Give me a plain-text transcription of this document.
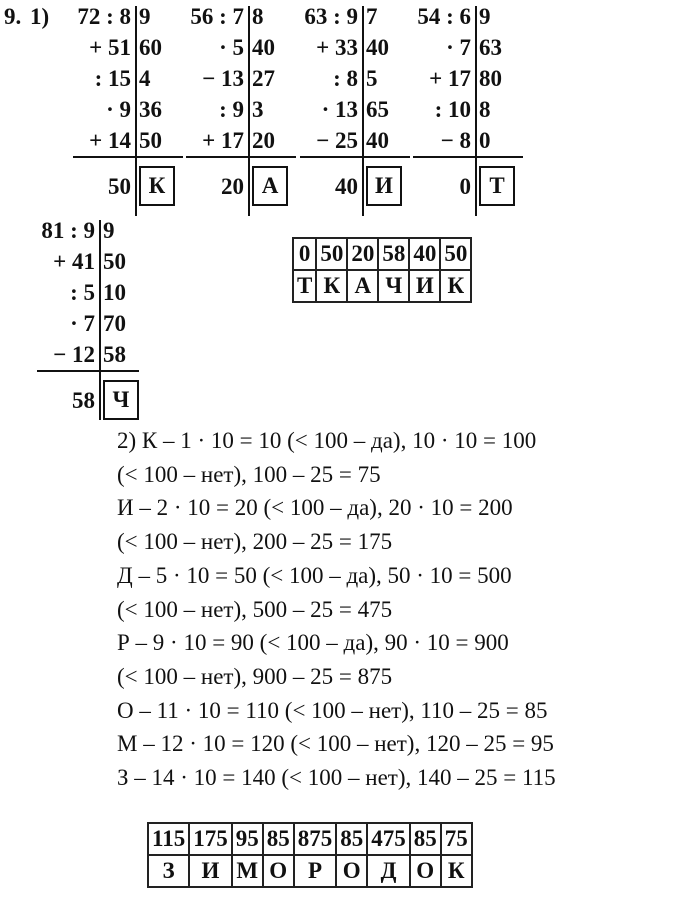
9. 1)	72 : 8 9
+ 51 60
: 15 4
· 9 36
+ 14 50
50 К
56 : 7 8
· 5 40
− 13 27
: 9 3
+ 17 20
20 А
63 : 9 7
+ 33 40
: 8 5
· 13 65
− 25 40
40 И
54 : 6 9
· 7 63
+ 17 80
: 10 8
− 8 0
0 Т
81 : 9 9
+ 41 50
: 5 10
· 7 70
− 12 58
58 Ч
0	50	20	58	40	50
Т	К	А	Ч	И	К
2) К – 1 · 10 = 10 (< 100 – да), 10 · 10 = 100
(< 100 – нет), 100 – 25 = 75
И – 2 · 10 = 20 (< 100 – да), 20 · 10 = 200
(< 100 – нет), 200 – 25 = 175
Д – 5 · 10 = 50 (< 100 – да), 50 · 10 = 500
(< 100 – нет), 500 – 25 = 475
Р – 9 · 10 = 90 (< 100 – да), 90 · 10 = 900
(< 100 – нет), 900 – 25 = 875
О – 11 · 10 = 110 (< 100 – нет), 110 – 25 = 85
М – 12 · 10 = 120 (< 100 – нет), 120 – 25 = 95
З – 14 · 10 = 140 (< 100 – нет), 140 – 25 = 115
115	175	95	85	875	85	475	85	75
З	И	М	О	Р	О	Д	О	К
